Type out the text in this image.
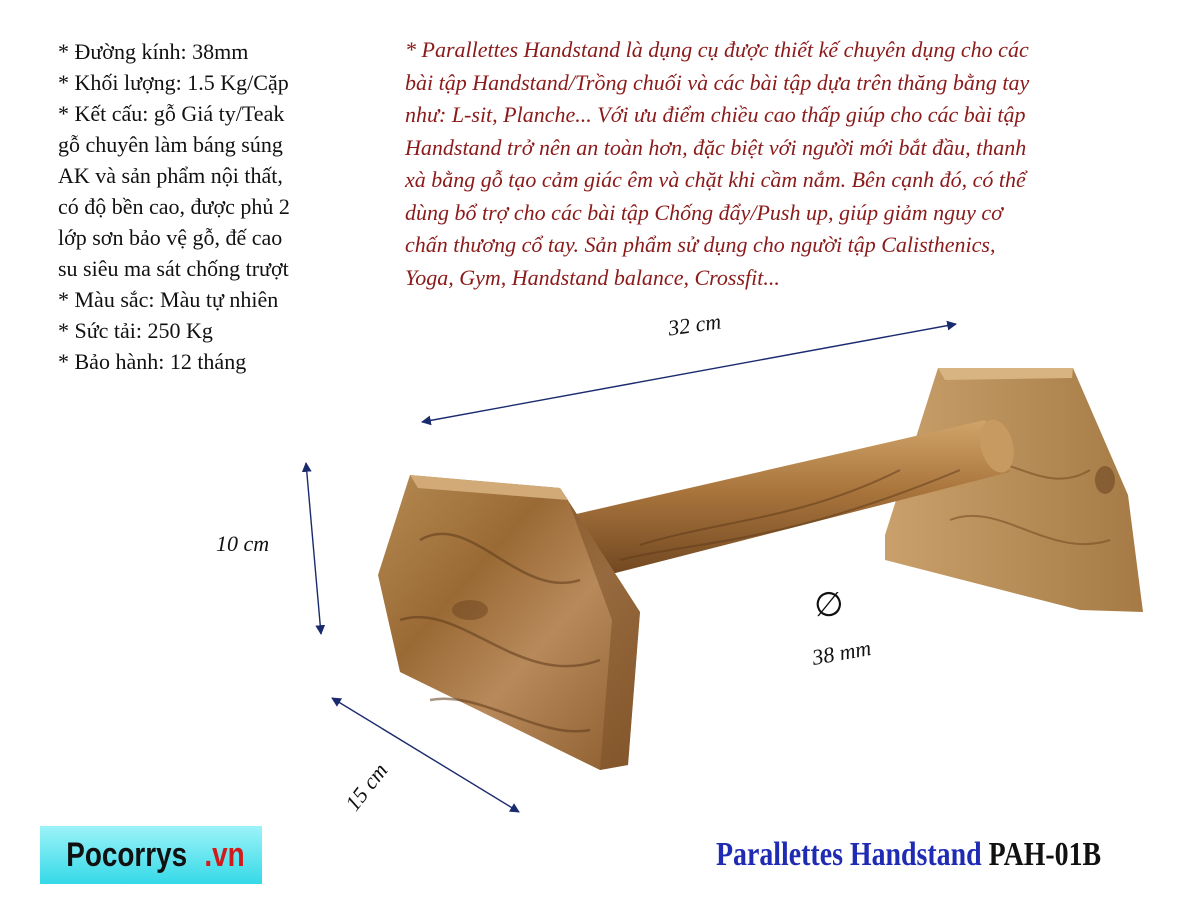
* Đường kính: 38mm
* Khối lượng: 1.5 Kg/Cặp
* Kết cấu: gỗ Giá ty/Teak
gỗ chuyên làm báng súng
AK và sản phẩm nội thất,
có độ bền cao, được phủ 2
lớp sơn bảo vệ gỗ, đế cao
su siêu ma sát chống trượt
* Màu sắc: Màu tự nhiên
* Sức tải: 250 Kg
* Bảo hành: 12 tháng
* Parallettes Handstand là dụng cụ được thiết kế chuyên dụng cho các
bài tập Handstand/Trồng chuối và các bài tập dựa trên thăng bằng tay
như: L-sit, Planche... Với ưu điểm chiều cao thấp giúp cho các bài tập
Handstand trở nên an toàn hơn, đặc biệt với người mới bắt đầu, thanh
xà bằng gỗ tạo cảm giác êm và chặt khi cầm nắm. Bên cạnh đó, có thể
dùng bổ trợ cho các bài tập Chống đẩy/Push up, giúp giảm nguy cơ
chấn thương cổ tay. Sản phẩm sử dụng cho người tập Calisthenics,
Yoga, Gym, Handstand balance, Crossfit...
32 cm
10 cm
15 cm
∅
38 mm
Pocorrys .vn	Parallettes Handstand PAH-01B
